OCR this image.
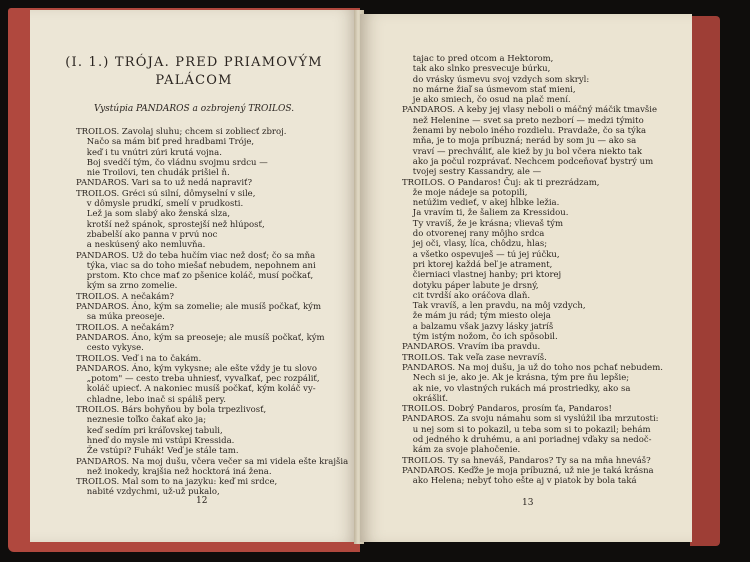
(I. 1.) TRÓJA. PRED PRIAMOVÝM
PALÁCOM
Vystúpia PANDAROS a ozbrojený TROILOS.
TROILOS. Zavolaj sluhu; chcem si zobliecť zbroj.
Načo sa mám biť pred hradbami Tróje,
keď i tu vnútri zúri krutá vojna.
Boj svedčí tým, čo vládnu svojmu srdcu —
nie Troilovi, ten chudák prišiel ň.
PANDAROS. Vari sa to už nedá napraviť?
TROILOS. Gréci sú silní, dômyselní v sile,
v dômysle prudkí, smelí v prudkosti.
Lež ja som slabý ako ženská slza,
krotší než spánok, sprostejší než hlúposť,
zbabelší ako panna v prvú noc
a neskúsený ako nemluvňa.
PANDAROS. Už do teba hučím viac než dosť; čo sa mňa
týka, viac sa do toho miešať nebudem, nepohnem ani
prstom. Kto chce mať zo pšenice koláč, musí počkať,
kým sa zrno zomelie.
TROILOS. A nečakám?
PANDAROS. Áno, kým sa zomelie; ale musíš počkať, kým
sa múka preoseje.
TROILOS. A nečakám?
PANDAROS. Áno, kým sa preoseje; ale musíš počkať, kým
cesto vykyse.
TROILOS. Veď i na to čakám.
PANDAROS. Áno, kým vykysne; ale ešte vždy je tu slovo
„potom" — cesto treba uhniesť, vyvaľkať, pec rozpáliť,
koláč upiecť. A nakoniec musíš počkať, kým koláč vy-
chladne, lebo inač si spáliš pery.
TROILOS. Bárs bohyňou by bola trpezlivosť,
neznesie toľko čakať ako ja;
keď sedím pri kráľovskej tabuli,
hneď do mysle mi vstúpi Kressida.
Že vstúpi? Fuhák! Veď je stále tam.
PANDAROS. Na moj dušu, včera večer sa mi videla ešte krajšia
než inokedy, krajšia než hocktorá iná žena.
TROILOS. Mal som to na jazyku: keď mi srdce,
nabité vzdychmi, už-už pukalo,
12
tajac to pred otcom a Hektorom,
tak ako slnko presvecuje búrku,
do vrásky úsmevu svoj vzdych som skryl:
no márne žiaľ sa úsmevom stať mieni,
je ako smiech, čo osud na plač mení.
PANDAROS. A keby jej vlasy neboli o máčný máčik tmavšie
než Helenine — svet sa preto nezborí — medzi týmito
ženami by nebolo iného rozdielu. Pravdaže, čo sa týka
mňa, je to moja príbuzná; nerád by som ju — ako sa
vraví — prechváliť, ale kiež by ju bol včera niekto tak
ako ja počul rozprávať. Nechcem podceňovať bystrý um
tvojej sestry Kassandry, ale —
TROILOS. O Pandaros! Čuj: ak ti prezrádzam,
že moje nádeje sa potopili,
netúžim vedieť, v akej hĺbke ležia.
Ja vravím ti, že šaliem za Kressidou.
Ty vravíš, že je krásna; vlievaš tým
do otvorenej rany môjho srdca
jej oči, vlasy, líca, chôdzu, hlas;
a všetko ospevuješ — tú jej rúčku,
pri ktorej každá beľ je atrament,
čierniaci vlastnej hanby; pri ktorej
dotyku páper labute je drsný,
cit tvrdší ako oráčova dlaň.
Tak vravíš, a len pravdu, na môj vzdych,
že mám ju rád; tým miesto oleja
a balzamu však jazvy lásky jatríš
tým istým nožom, čo ich spôsobil.
PANDAROS. Vravím iba pravdu.
TROILOS. Tak veľa zase nevravíš.
PANDAROS. Na moj dušu, ja už do toho nos pchať nebudem.
Nech si je, ako je. Ak je krásna, tým pre ňu lepšie;
ak nie, vo vlastných rukách má prostriedky, ako sa
okrášliť.
TROILOS. Dobrý Pandaros, prosím ťa, Pandaros!
PANDAROS. Za svoju námahu som si vyslúžil iba mrzutosti:
u nej som si to pokazil, u teba som si to pokazil; behám
od jedného k druhému, a ani poriadnej vďaky sa nedoč-
kám za svoje plahočenie.
TROILOS. Ty sa hneváš, Pandaros? Ty sa na mňa hneváš?
PANDAROS. Keďže je moja príbuzná, už nie je taká krásna
ako Helena; nebyť toho ešte aj v piatok by bola taká
13
